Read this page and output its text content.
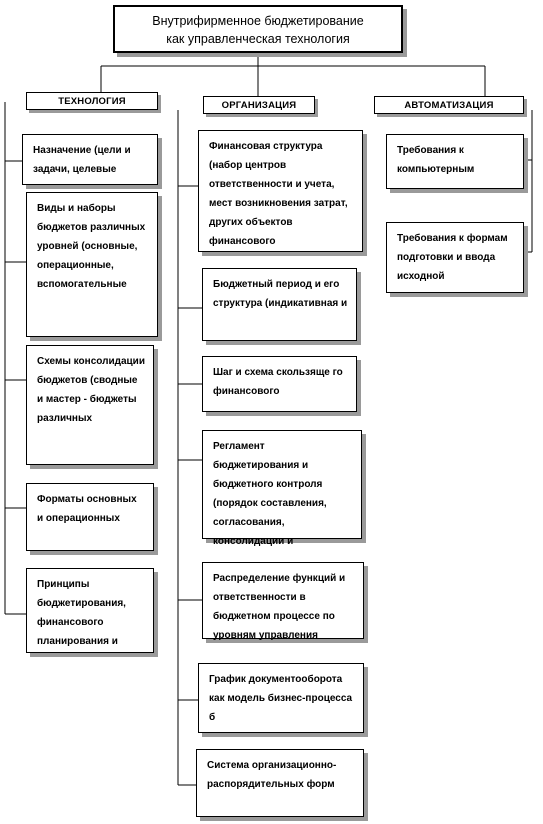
Внутрифирменное бюджетирование
как управленческая технология
ТЕХНОЛОГИЯ	ОРГАНИЗАЦИЯ	АВТОМАТИЗАЦИЯ
Назначение (цели и задачи, целевые
Виды и наборы бюджетов различных уровней (основные, операционные, вспомогательные
Схемы консолидации бюджетов (сводные и мастер - бюджеты различных
Форматы основных и операционных
Принципы бюджетирования, финансового планирования и
Финансовая структура (набор центров ответственности и учета, мест возникновения затрат, других объектов финансового
Бюджетный период и его структура (индикативная и
Шаг и схема скользяще го финансового
Регламент бюджетирования и бюджетного контроля (порядок составления, согласования, консолидации и
Распределение функций и ответственности в бюджетном процессе по уровням управления
График документооборота как модель бизнес-процесса б
Система организационно-распорядительных форм
Требования к компьютерным ———————
Требования к формам подготовки и ввода исходной
